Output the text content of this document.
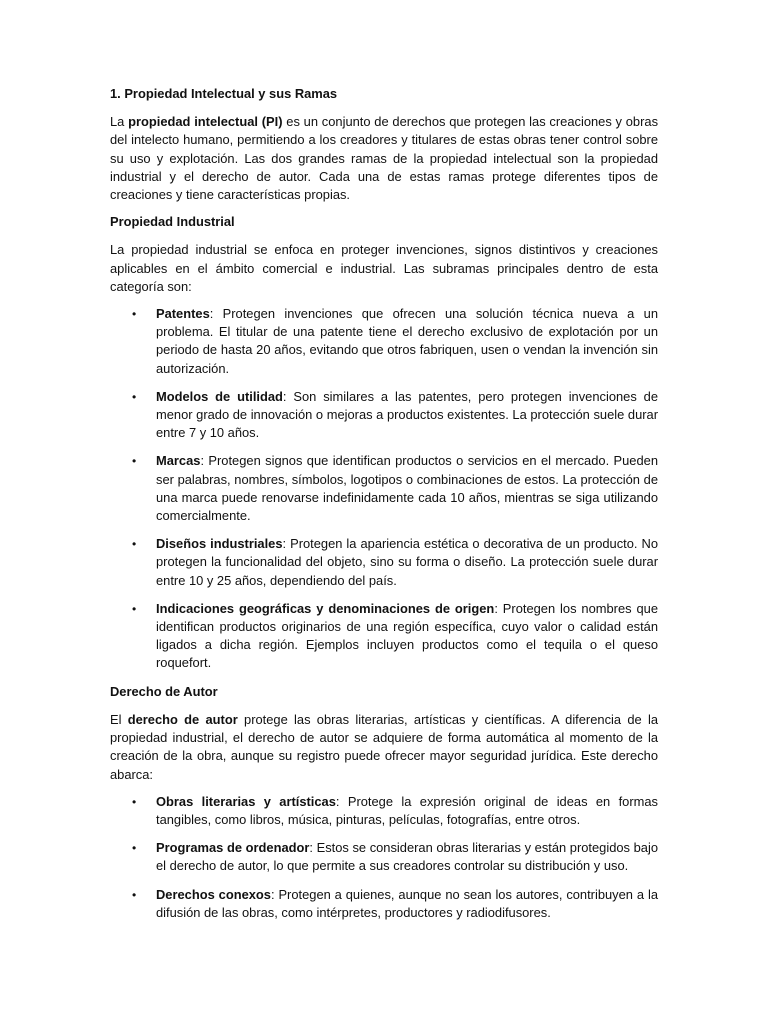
1. Propiedad Intelectual y sus Ramas

La propiedad intelectual (PI) es un conjunto de derechos que protegen las creaciones y obras del intelecto humano, permitiendo a los creadores y titulares de estas obras tener control sobre su uso y explotación. Las dos grandes ramas de la propiedad intelectual son la propiedad industrial y el derecho de autor. Cada una de estas ramas protege diferentes tipos de creaciones y tiene características propias.

Propiedad Industrial

La propiedad industrial se enfoca en proteger invenciones, signos distintivos y creaciones aplicables en el ámbito comercial e industrial. Las subramas principales dentro de esta categoría son:

• Patentes: Protegen invenciones que ofrecen una solución técnica nueva a un problema. El titular de una patente tiene el derecho exclusivo de explotación por un periodo de hasta 20 años, evitando que otros fabriquen, usen o vendan la invención sin autorización.
• Modelos de utilidad: Son similares a las patentes, pero protegen invenciones de menor grado de innovación o mejoras a productos existentes. La protección suele durar entre 7 y 10 años.
• Marcas: Protegen signos que identifican productos o servicios en el mercado. Pueden ser palabras, nombres, símbolos, logotipos o combinaciones de estos. La protección de una marca puede renovarse indefinidamente cada 10 años, mientras se siga utilizando comercialmente.
• Diseños industriales: Protegen la apariencia estética o decorativa de un producto. No protegen la funcionalidad del objeto, sino su forma o diseño. La protección suele durar entre 10 y 25 años, dependiendo del país.
• Indicaciones geográficas y denominaciones de origen: Protegen los nombres que identifican productos originarios de una región específica, cuyo valor o calidad están ligados a dicha región. Ejemplos incluyen productos como el tequila o el queso roquefort.
Derecho de Autor

El derecho de autor protege las obras literarias, artísticas y científicas. A diferencia de la propiedad industrial, el derecho de autor se adquiere de forma automática al momento de la creación de la obra, aunque su registro puede ofrecer mayor seguridad jurídica. Este derecho abarca:

• Obras literarias y artísticas: Protege la expresión original de ideas en formas tangibles, como libros, música, pinturas, películas, fotografías, entre otros.
• Programas de ordenador: Estos se consideran obras literarias y están protegidos bajo el derecho de autor, lo que permite a sus creadores controlar su distribución y uso.
• Derechos conexos: Protegen a quienes, aunque no sean los autores, contribuyen a la difusión de las obras, como intérpretes, productores y radiodifusores.
